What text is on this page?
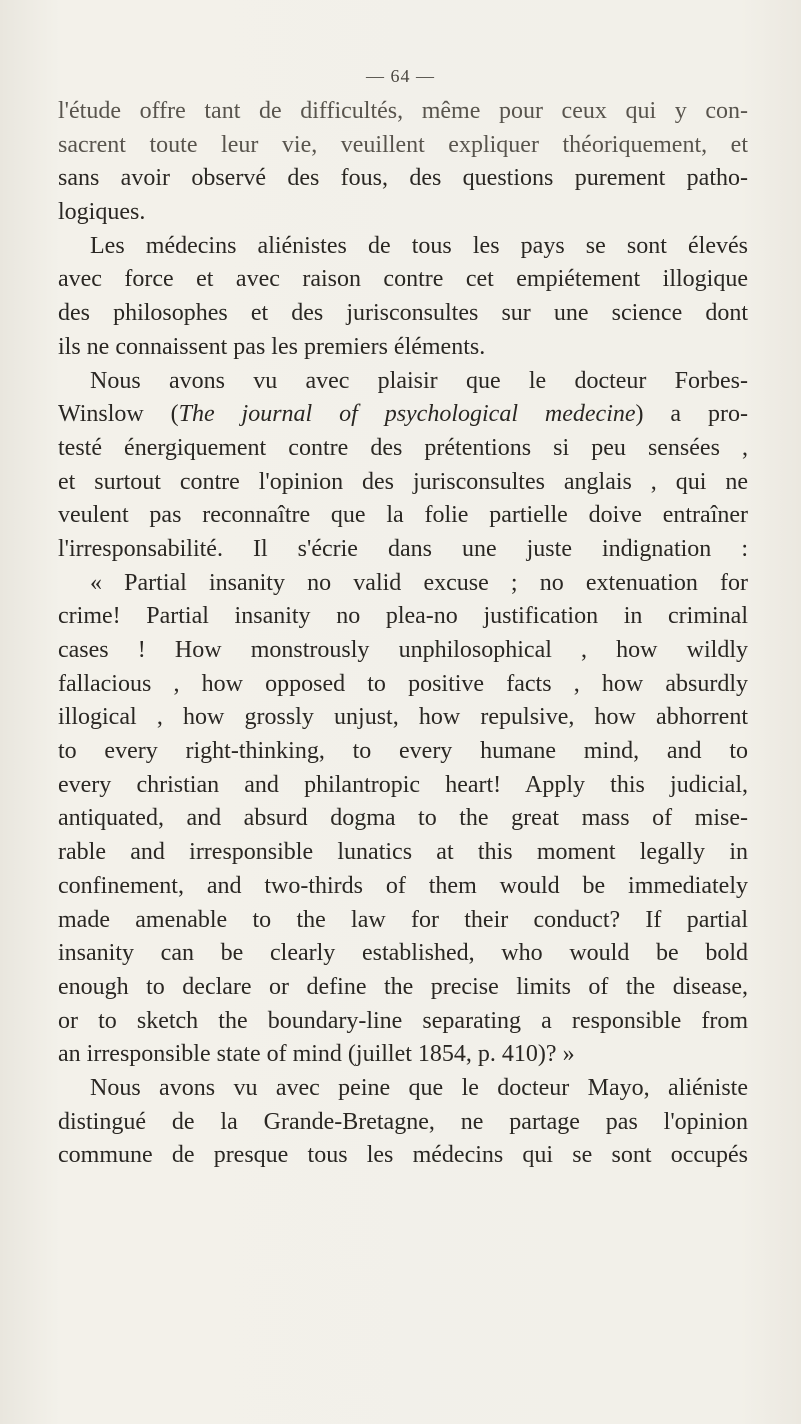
— 64 —
l'étude offre tant de difficultés, même pour ceux qui y con-
sacrent toute leur vie, veuillent expliquer théoriquement, et
sans avoir observé des fous, des questions purement patho-
logiques.
Les médecins aliénistes de tous les pays se sont élevés
avec force et avec raison contre cet empiétement illogique
des philosophes et des jurisconsultes sur une science dont
ils ne connaissent pas les premiers éléments.
Nous avons vu avec plaisir que le docteur Forbes-
Winslow (The journal of psychological medecine) a pro-
testé énergiquement contre des prétentions si peu sensées ,
et surtout contre l'opinion des jurisconsultes anglais , qui ne
veulent pas reconnaître que la folie partielle doive entraîner
l'irresponsabilité. Il s'écrie dans une juste indignation :
« Partial insanity no valid excuse ; no extenuation for
crime! Partial insanity no plea-no justification in criminal
cases ! How monstrously unphilosophical , how wildly
fallacious , how opposed to positive facts , how absurdly
illogical , how grossly unjust, how repulsive, how abhorrent
to every right-thinking, to every humane mind, and to
every christian and philantropic heart! Apply this judicial,
antiquated, and absurd dogma to the great mass of mise-
rable and irresponsible lunatics at this moment legally in
confinement, and two-thirds of them would be immediately
made amenable to the law for their conduct? If partial
insanity can be clearly established, who would be bold
enough to declare or define the precise limits of the disease,
or to sketch the boundary-line separating a responsible from
an irresponsible state of mind (juillet 1854, p. 410)? »
Nous avons vu avec peine que le docteur Mayo, aliéniste
distingué de la Grande-Bretagne, ne partage pas l'opinion
commune de presque tous les médecins qui se sont occupés
